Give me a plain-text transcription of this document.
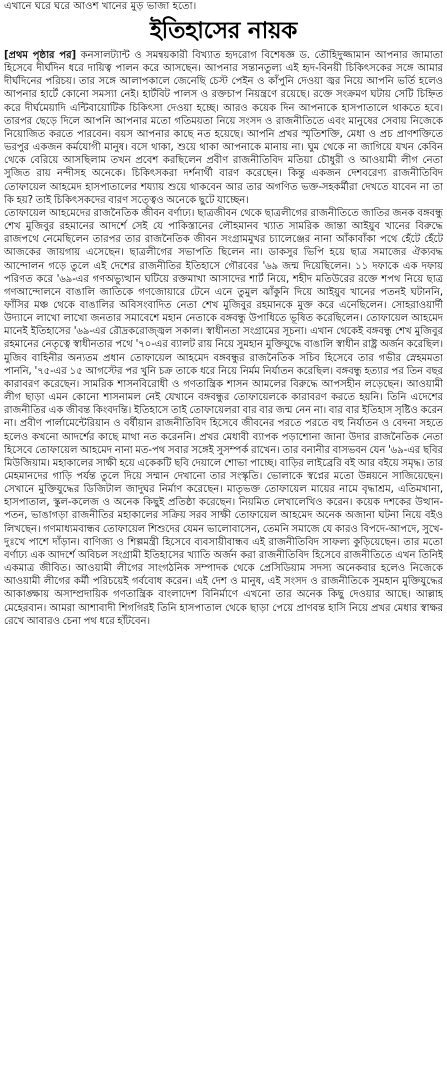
এখানে ঘরে ঘরে আওশ খানের মুড় ভাজা হতো।
ইতিহাসের নায়ক

[প্রথম পৃষ্ঠার পর] কনসালট্যান্ট ও সমন্বয়কারী বিখ্যাত হৃদরোগ বিশেষজ্ঞ ড. তৌহিদুজ্জামান আপনার জামাতা হিসেবে দীর্ঘদিন ধরে দায়িত্ব পালন করে আসছেন। আপনার সন্তানতুল্য এই হৃদ-বিনয়ী চিকিৎসকের সঙ্গে আমার দীর্ঘদিনের পরিচয়। তার সঙ্গে আলাপকালে জেনেছি চেস্ট পেইন ও কাঁপুনি দেওয়া জ্বর নিয়ে আপনি ভর্তি হলেও আপনার হার্টে কোনো সমস্যা নেই। হার্টবিট পালস ও রক্তচাপ নিয়ন্ত্রণে রয়েছে। রক্তে সংক্রমণ ঘটায় সেটি চিহ্নিত করে দীর্ঘমেয়াদি এন্টিবায়োটিক চিকিৎসা দেওয়া হচ্ছে। আরও কয়েক দিন আপনাকে হাসপাতালে থাকতে হবে। তারপর ছেড়ে দিলে আপনি আপনার মতো গতিময়তা নিয়ে সংসদ ও রাজনীতিতে এবং মানুষের সেবায় নিজেকে নিয়োজিত করতে পারবেন। বয়স আপনার কাছে নত হয়েছে। আপনি প্রখর স্মৃতিশক্তি, মেধা ও প্রচ প্রাণশক্তিতে ভরপুর একজন কর্মযোগী মানুষ। বসে থাকা, শুয়ে থাকা আপনাকে মানায় না। ঘুম থেকে না জাগিয়ে যখন কেবিন থেকে বেরিয়ে আসছিলাম তখন প্রবেশ করছিলেন প্রবীণ রাজনীতিবিদ মতিয়া চৌধুরী ও আওয়ামী লীগ নেতা সুজিত রায় নন্দীসহ অনেকে। চিকিৎসকরা দর্শনার্থী বারণ করেছেন। কিন্তু একজন দেশবরেণ্য রাজনীতিবিদ তোফায়েল আহমেদ হাসপাতালের শয্যায় শুয়ে থাকবেন আর তার অগণিত ভক্ত-সহকর্মীরা দেখতে যাবেন না তা কি হয়? তাই চিকিৎসকদের বারণ সত্ত্বেও অনেকে ছুটে যাচ্ছেন।

তোফায়েল আহমেদের রাজনৈতিক জীবন বর্ণাঢ্য। ছাত্রজীবন থেকে ছাত্রলীগের রাজনীতিতে জাতির জনক বঙ্গবন্ধু শেখ মুজিবুর রহমানের আদর্শে সেই যে পাকিস্তানের লৌহমানব খ্যাত সামরিক জান্তা আইয়ুব খানের বিরুদ্ধে রাজপথে নেমেছিলেন তারপর তার রাজনৈতিক জীবন সংগ্রামমুখর চ্যালেঞ্জের নানা আঁকাবাঁকা পথে হেঁটে হেঁটে আজকের জায়গায় এসেছেন। ছাত্রলীগের সভাপতি ছিলেন না। ডাকসুর ভিপি হয়ে ছাত্র সমাজের ঐক্যবদ্ধ আন্দোলন গড়ে তুলে এই দেশের রাজনীতির ইতিহাসে গৌরবের '৬৯ জন্ম দিয়েছিলেন। ১১ দফাকে এক দফায় পরিণত করে '৬৯-এর গণঅভ্যুত্থান ঘটিয়ে রক্তমাখা আসাদের শার্ট নিয়ে, শহীদ মতিউরের রক্তে শপথ নিয়ে ছাত্র গণআন্দোলনে বাঙালি জাতিকে গণজোয়ারে টেনে এনে তুমুল ঝাঁকুনি দিয়ে আইয়ুব খানের পতনই ঘটাননি, ফাঁসির মঞ্চ থেকে বাঙালির অবিসংবাদিত নেতা শেখ মুজিবুর রহমানকে মুক্ত করে এনেছিলেন। সোহরাওয়ার্দী উদ্যানে লাখো লাখো জনতার সমাবেশে মহান নেতাকে বঙ্গবন্ধু উপাধিতে ভূষিত করেছিলেন। তোফায়েল আহমেদ মানেই ইতিহাসের '৬৯-এর রৌদ্রকরোজ্জ্বল সকাল। স্বাধীনতা সংগ্রামের সূচনা। এখান থেকেই বঙ্গবন্ধু শেখ মুজিবুর রহমানের নেতৃত্বে স্বাধীনতার পথে '৭০-এর ব্যালট রায় নিয়ে সুমহান মুক্তিযুদ্ধে বাঙালি স্বাধীন রাষ্ট্র অর্জন করেছিল। মুজিব বাহিনীর অন্যতম প্রধান তোফায়েল আহমেদ বঙ্গবন্ধুর রাজনৈতিক সচিব হিসেবে তার গভীর স্নেহমমতা পাননি, '৭৫-এর ১৫ আগস্টের পর খুনি চক্র তাকে ধরে নিয়ে নির্মম নির্যাতন করেছিল। বঙ্গবন্ধু হত্যার পর তিন বছর কারাবরণ করেছেন। সামরিক শাসনবিরোধী ও গণতান্ত্রিক শাসন আমলের বিরুদ্ধে আপসহীন লড়েছেন। আওয়ামী লীগ ছাড়া এমন কোনো শাসনামল নেই যেখানে বঙ্গবন্ধুর তোফায়েলকে কারাবরণ করতে হয়নি। তিনি এদেশের রাজনীতির এক জীবন্ত কিংবদন্তি। ইতিহাসে তাই তোফায়েলরা বার বার জন্ম নেন না। বার বার ইতিহাস সৃষ্টিও করেন না। প্রবীণ পার্লামেন্টেরিয়ান ও বর্ষীয়ান রাজনীতিবিদ হিসেবে জীবনের পরতে পরতে বহু নির্যাতন ও বেদনা সহতে হলেও কখনো আদর্শের কাছে মাথা নত করেননি। প্রখর মেধাবী ব্যাপক পড়াশোনা জানা উদার রাজনৈতিক নেতা হিসেবে তোফায়েল আহমেদ নানা মত-পথ সবার সঙ্গেই সুসম্পর্ক রাখেন। তার বনানীর বাসভবন যেন '৬৯-এর ছবির মিউজিয়াম। মহাকালের সাক্ষী হয়ে একেকটি ছবি দেয়ালে শোভা পাচ্ছে। বাড়ির লাইব্রেরি বই আর বইয়ে সমৃদ্ধ। তার মেহমানদের গাড়ি পর্যন্ত তুলে দিয়ে সম্মান দেখানো তার সংস্কৃতি। ভোলাকে স্বপ্নের মতো উন্নয়নে সাজিয়েছেন। সেখানে মুক্তিযুদ্ধের ডিজিটাল জাদুঘর নির্মাণ করেছেন। মাতৃভক্ত তোফায়েল মায়ের নামে বৃদ্ধাশ্রম, এতিমখানা, হাসপাতাল, স্কুল-কলেজ ও অনেক কিছুই প্রতিষ্ঠা করেছেন। নিয়মিত লেখালেখিও করেন। কয়েক দশকের উত্থান-পতন, ভাঙাগড়া রাজনীতির মহাকালের সক্রিয় সরব সাক্ষী তোফায়েল আহমেদ অনেক অজানা ঘটনা নিয়ে বইও লিখছেন। গণমাধ্যমবান্ধব তোফায়েল শিশুদের যেমন ভালোবাসেন, তেমনি সমাজে যে কারও বিপদে-আপদে, সুখে-দুঃখে পাশে দাঁড়ান। বাণিজ্য ও শিল্পমন্ত্রী হিসেবে ব্যবসায়ীবান্ধব এই রাজনীতিবিদ সাফল্য কুড়িয়েছেন। তার মতো বর্ণাঢ্য এক আদর্শে অবিচল সংগ্রামী ইতিহাসের খ্যাতি অর্জন করা রাজনীতিবিদ হিসেবে রাজনীতিতে এখন তিনিই একমাত্র জীবিত। আওয়ামী লীগের সাংগঠনিক সম্পাদক থেকে প্রেসিডিয়াম সদস্য অনেকবার হলেও নিজেকে আওয়ামী লীগের কর্মী পরিচয়েই গর্ববোধ করেন। এই দেশ ও মানুষ, এই সংসদ ও রাজনীতিকে সুমহান মুক্তিযুদ্ধের আকাঙ্ক্ষায় অসাম্প্রদায়িক গণতান্ত্রিক বাংলাদেশ বিনির্মাণে এখনো তার অনেক কিছু দেওয়ার আছে। আল্লাহ মেহেরবান। আমরা আশাবাদী শিগগিরই তিনি হাসপাতাল থেকে ছাড়া পেয়ে প্রাণবন্ত হাসি নিয়ে প্রখর মেধার স্বাক্ষর রেখে আবারও চেনা পথ ধরে হাঁটবেন।
